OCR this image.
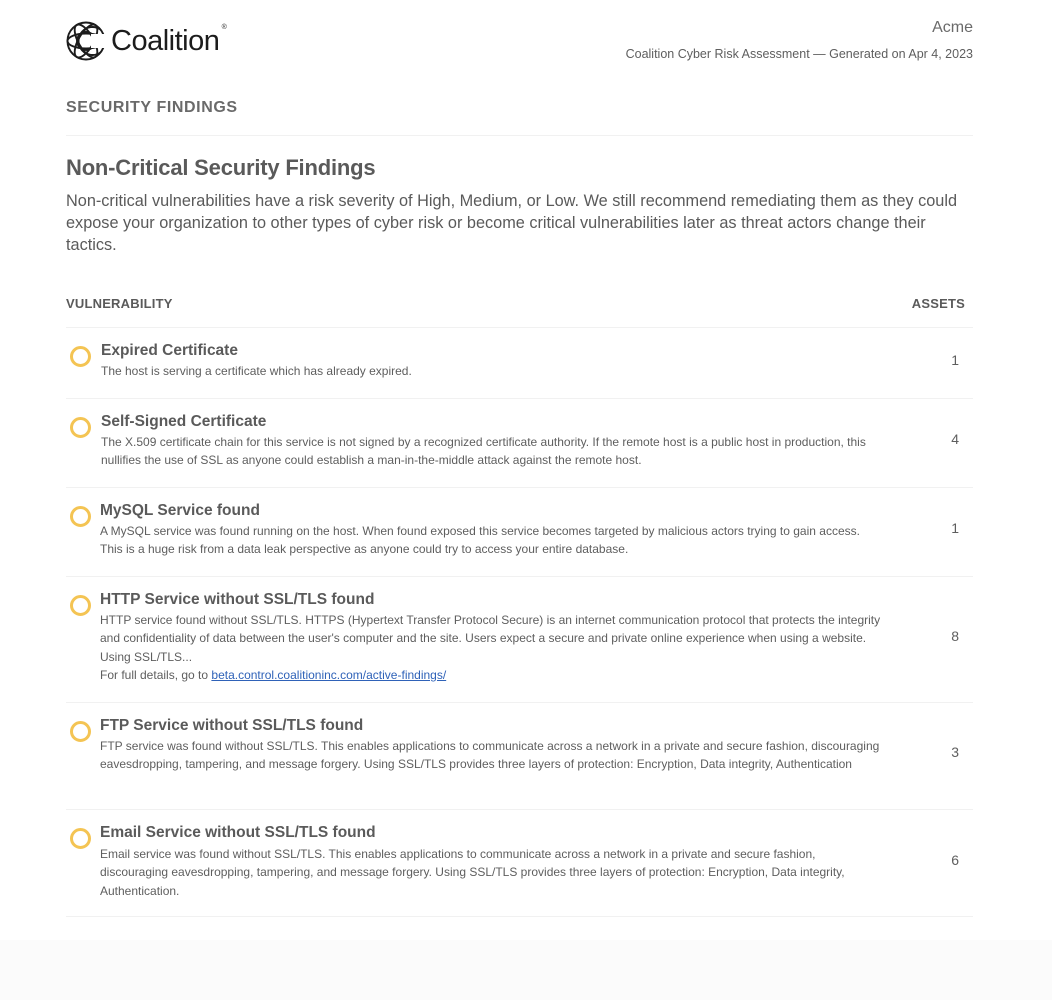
Coalition ®	Acme
Coalition Cyber Risk Assessment — Generated on Apr 4, 2023
SECURITY FINDINGS
Non-Critical Security Findings
Non-critical vulnerabilities have a risk severity of High, Medium, or Low. We still recommend remediating them as they could expose your organization to other types of cyber risk or become critical vulnerabilities later as threat actors change their tactics.
VULNERABILITY	ASSETS
Expired Certificate
The host is serving a certificate which has already expired.
1
Self-Signed Certificate
The X.509 certificate chain for this service is not signed by a recognized certificate authority. If the remote host is a public host in production, this nullifies the use of SSL as anyone could establish a man-in-the-middle attack against the remote host.
4
MySQL Service found
A MySQL service was found running on the host. When found exposed this service becomes targeted by malicious actors trying to gain access. This is a huge risk from a data leak perspective as anyone could try to access your entire database.
1
HTTP Service without SSL/TLS found
HTTP service found without SSL/TLS. HTTPS (Hypertext Transfer Protocol Secure) is an internet communication protocol that protects the integrity and confidentiality of data between the user's computer and the site. Users expect a secure and private online experience when using a website. Using SSL/TLS...
For full details, go to beta.control.coalitioninc.com/active-findings/
8
FTP Service without SSL/TLS found
FTP service was found without SSL/TLS. This enables applications to communicate across a network in a private and secure fashion, discouraging eavesdropping, tampering, and message forgery. Using SSL/TLS provides three layers of protection: Encryption, Data integrity, Authentication
3
Email Service without SSL/TLS found
Email service was found without SSL/TLS. This enables applications to communicate across a network in a private and secure fashion, discouraging eavesdropping, tampering, and message forgery. Using SSL/TLS provides three layers of protection: Encryption, Data integrity, Authentication.
6
